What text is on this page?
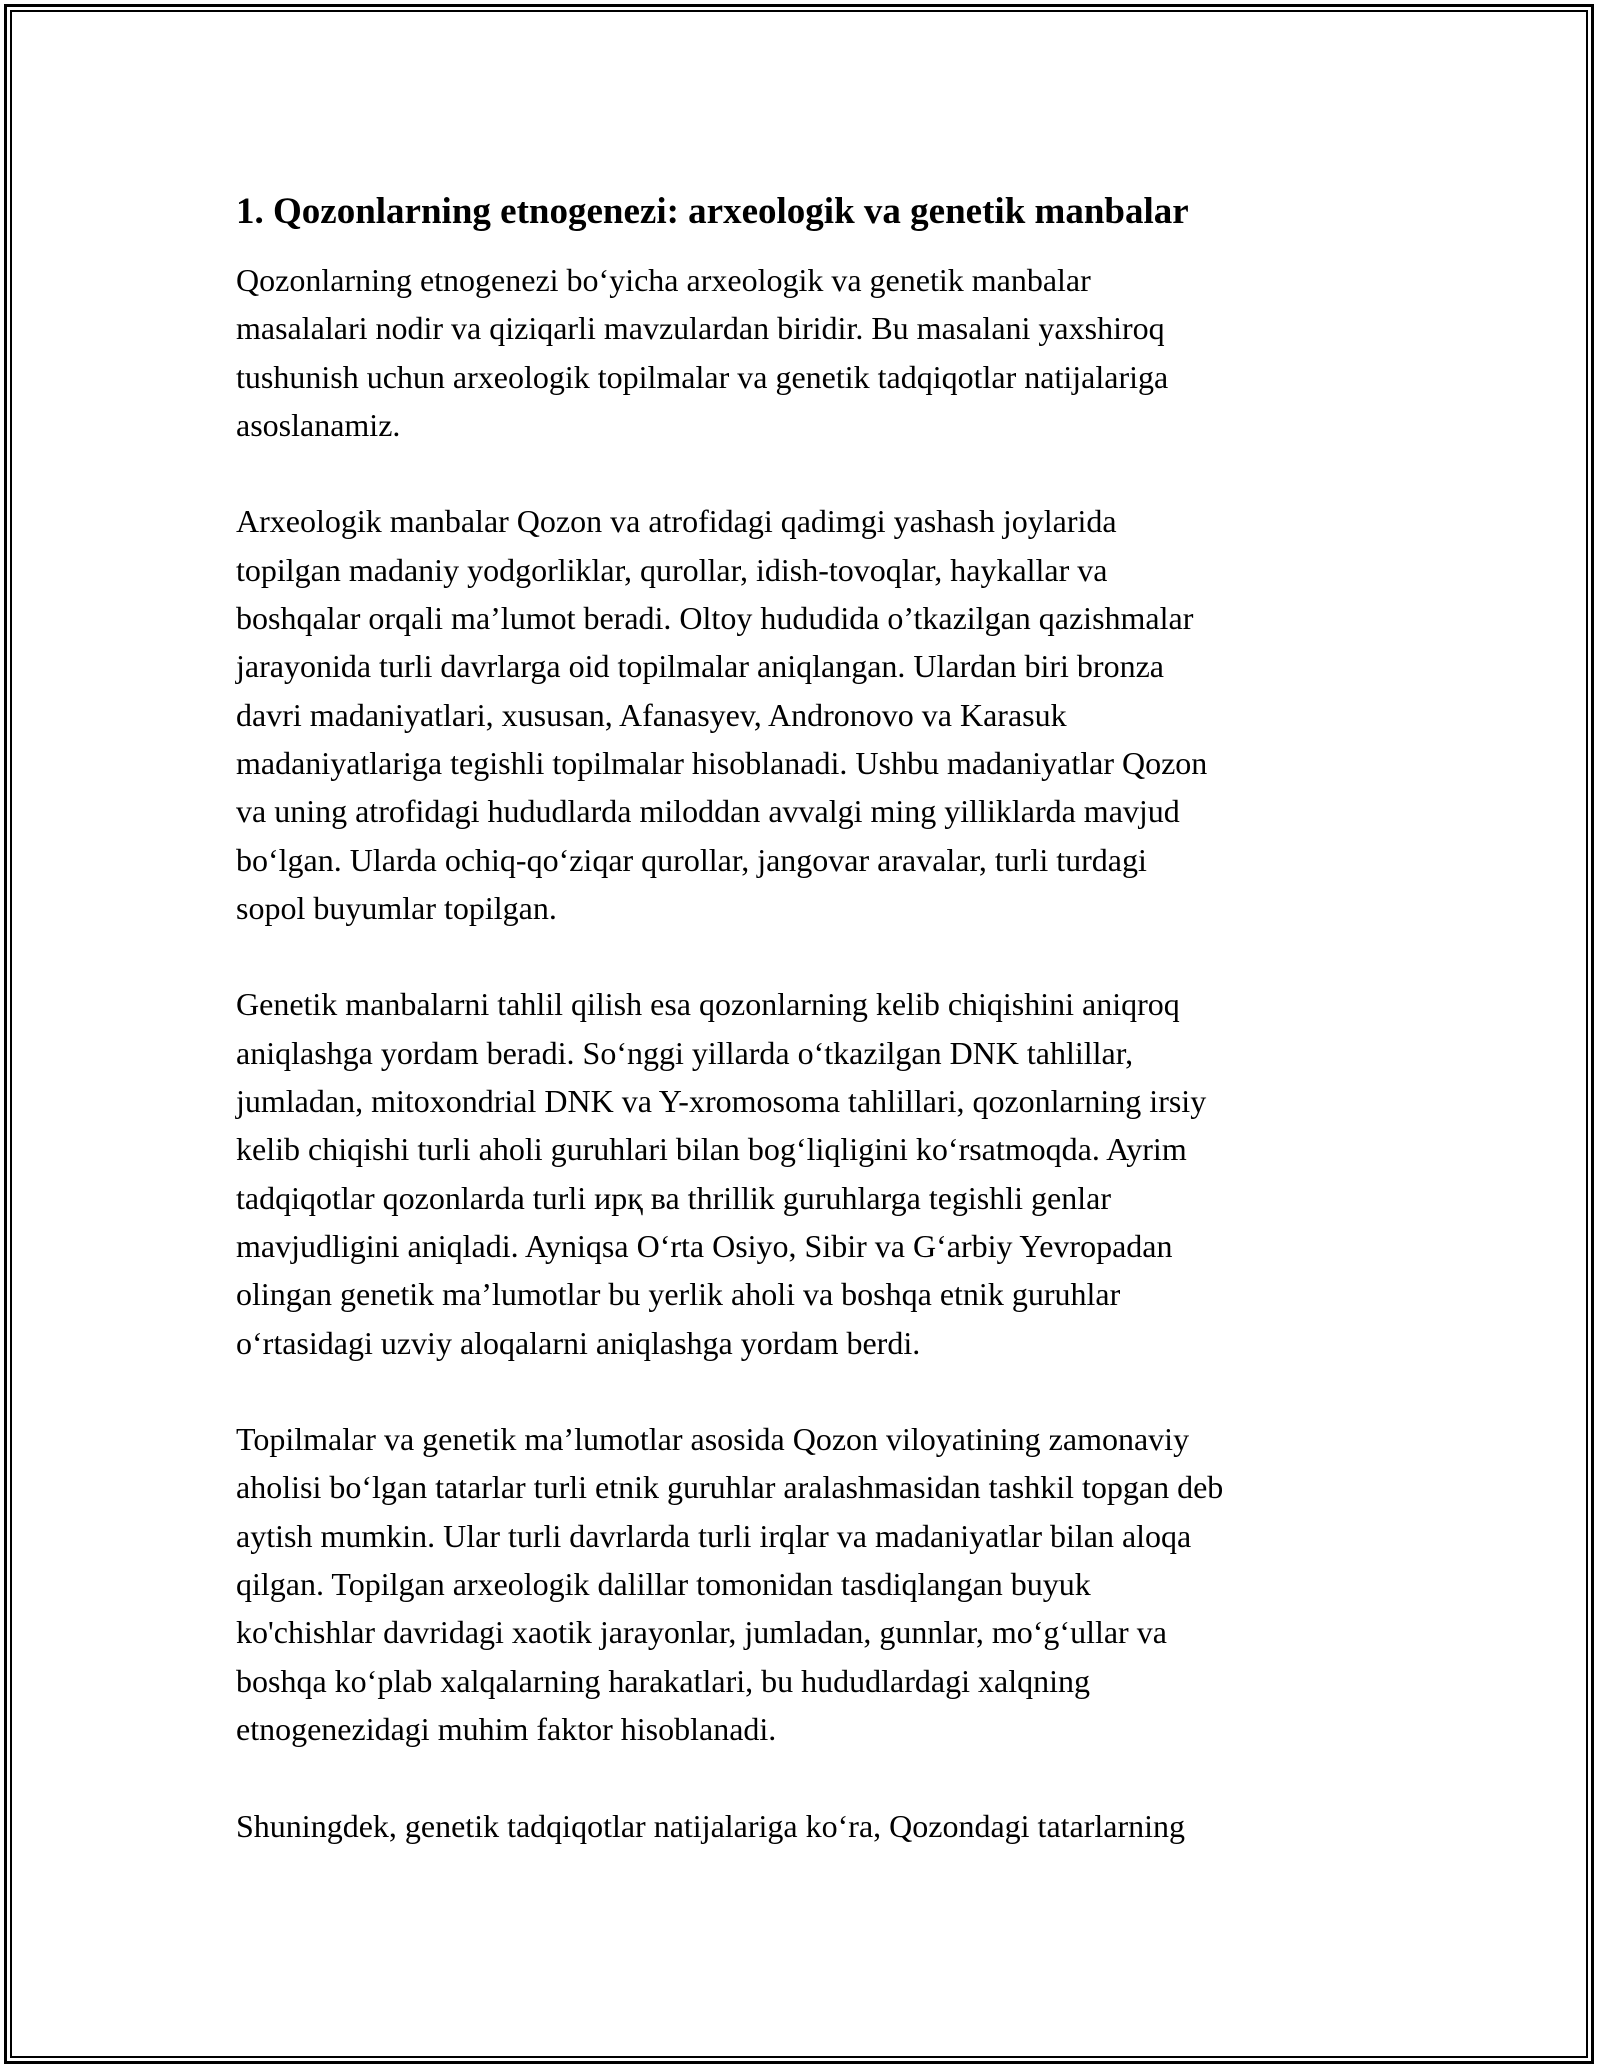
1. Qozonlarning etnogenezi: arxeologik va genetik manbalar

Qozonlarning etnogenezi bo‘yicha arxeologik va genetik manbalar
masalalari nodir va qiziqarli mavzulardan biridir. Bu masalani yaxshiroq
tushunish uchun arxeologik topilmalar va genetik tadqiqotlar natijalariga
asoslanamiz.

Arxeologik manbalar Qozon va atrofidagi qadimgi yashash joylarida
topilgan madaniy yodgorliklar, qurollar, idish-tovoqlar, haykallar va
boshqalar orqali ma’lumot beradi. Oltoy hududida o’tkazilgan qazishmalar
jarayonida turli davrlarga oid topilmalar aniqlangan. Ulardan biri bronza
davri madaniyatlari, xususan, Afanasyev, Andronovo va Karasuk
madaniyatlariga tegishli topilmalar hisoblanadi. Ushbu madaniyatlar Qozon
va uning atrofidagi hududlarda miloddan avvalgi ming yilliklarda mavjud
bo‘lgan. Ularda ochiq-qo‘ziqar qurollar, jangovar aravalar, turli turdagi
sopol buyumlar topilgan.

Genetik manbalarni tahlil qilish esa qozonlarning kelib chiqishini aniqroq
aniqlashga yordam beradi. So‘nggi yillarda o‘tkazilgan DNK tahlillar,
jumladan, mitoxondrial DNK va Y-xromosoma tahlillari, qozonlarning irsiy
kelib chiqishi turli aholi guruhlari bilan bog‘liqligini ko‘rsatmoqda. Ayrim
tadqiqotlar qozonlarda turli ирқ ва thrillik guruhlarga tegishli genlar
mavjudligini aniqladi. Ayniqsa O‘rta Osiyo, Sibir va G‘arbiy Yevropadan
olingan genetik ma’lumotlar bu yerlik aholi va boshqa etnik guruhlar
o‘rtasidagi uzviy aloqalarni aniqlashga yordam berdi.

Topilmalar va genetik ma’lumotlar asosida Qozon viloyatining zamonaviy
aholisi bo‘lgan tatarlar turli etnik guruhlar aralashmasidan tashkil topgan deb
aytish mumkin. Ular turli davrlarda turli irqlar va madaniyatlar bilan aloqa
qilgan. Topilgan arxeologik dalillar tomonidan tasdiqlangan buyuk
ko'chishlar davridagi xaotik jarayonlar, jumladan, gunnlar, mo‘g‘ullar va
boshqa ko‘plab xalqalarning harakatlari, bu hududlardagi xalqning
etnogenezidagi muhim faktor hisoblanadi.

Shuningdek, genetik tadqiqotlar natijalariga ko‘ra, Qozondagi tatarlarning
